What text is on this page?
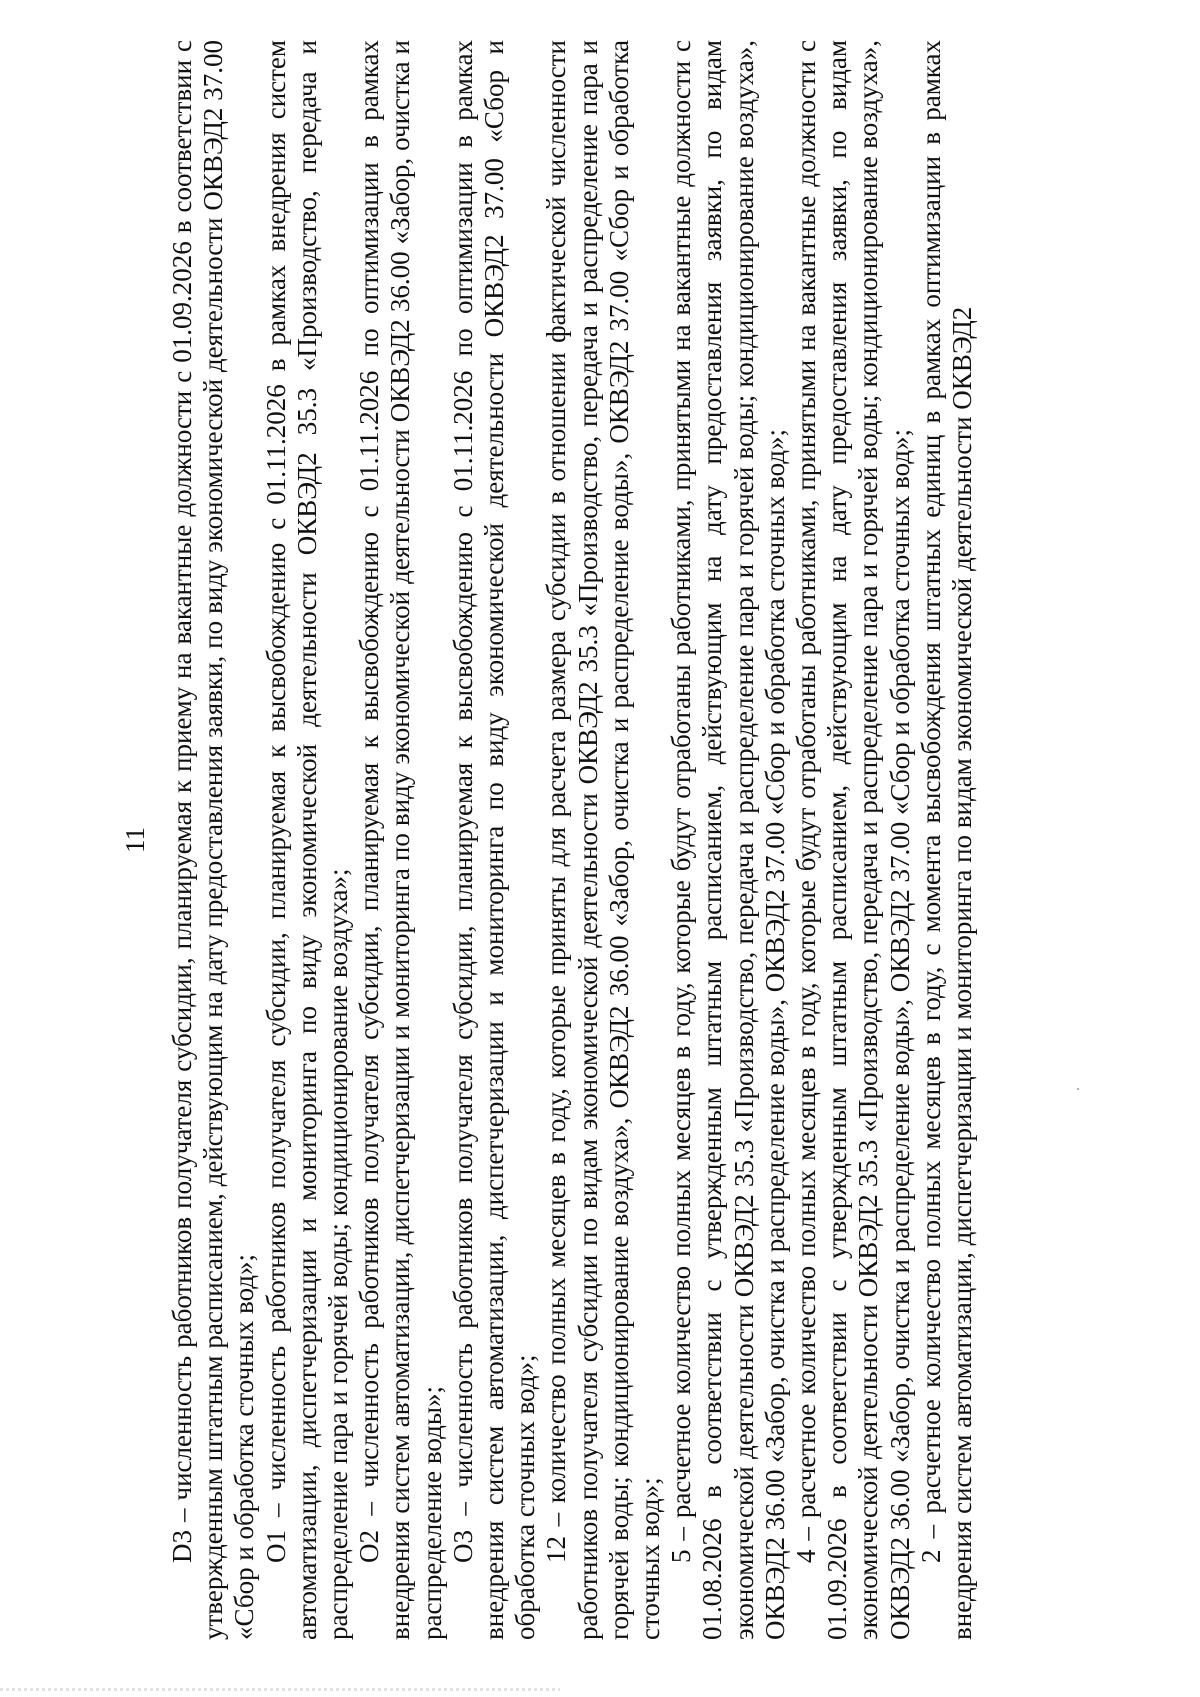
11 D3 – численность работников получателя субсидии, планируемая к приему на вакантные должности с 01.09.2026 в соответствии с утвержденным штатным расписанием, действующим на дату предоставления заявки, по виду экономической деятельности ОКВЭД2 37.00 «Сбор и обработка сточных вод»; О1 – численность работников получателя субсидии, планируемая к высвобождению с 01.11.2026 в рамках внедрения систем автоматизации, диспетчеризации и мониторинга по виду экономической деятельности ОКВЭД2 35.3 «Производство, передача и распределение пара и горячей воды; кондиционирование воздуха»; О2 – численность работников получателя субсидии, планируемая к высвобождению с 01.11.2026 по оптимизации в рамках внедрения систем автоматизации, диспетчеризации и мониторинга по виду экономической деятельности ОКВЭД2 36.00 «Забор, очистка и распределение воды»; О3 – численность работников получателя субсидии, планируемая к высвобождению с 01.11.2026 по оптимизации в рамках внедрения систем автоматизации, диспетчеризации и мониторинга по виду экономической деятельности ОКВЭД2 37.00 «Сбор и обработка сточных вод»; 12 – количество полных месяцев в году, которые приняты для расчета размера субсидии в отношении фактической численности работников получателя субсидии по видам экономической деятельности ОКВЭД2 35.3 «Производство, передача и распределение пара и горячей воды; кондиционирование воздуха», ОКВЭД2 36.00 «Забор, очистка и распределение воды», ОКВЭД2 37.00 «Сбор и обработка сточных вод»; 5 – расчетное количество полных месяцев в году, которые будут отработаны работниками, принятыми на вакантные должности с 01.08.2026 в соответствии с утвержденным штатным расписанием, действующим на дату предоставления заявки, по видам экономической деятельности ОКВЭД2 35.3 «Производство, передача и распределение пара и горячей воды; кондиционирование воздуха», ОКВЭД2 36.00 «Забор, очистка и распределение воды», ОКВЭД2 37.00 «Сбор и обработка сточных вод»; 4 – расчетное количество полных месяцев в году, которые будут отработаны работниками, принятыми на вакантные должности с 01.09.2026 в соответствии с утвержденным штатным расписанием, действующим на дату предоставления заявки, по видам экономической деятельности ОКВЭД2 35.3 «Производство, передача и распределение пара и горячей воды; кондиционирование воздуха», ОКВЭД2 36.00 «Забор, очистка и распределение воды», ОКВЭД2 37.00 «Сбор и обработка сточных вод»; 2 – расчетное количество полных месяцев в году, с момента высвобождения штатных единиц в рамках оптимизации в рамках внедрения систем автоматизации, диспетчеризации и мониторинга по видам экономической деятельности ОКВЭД2
